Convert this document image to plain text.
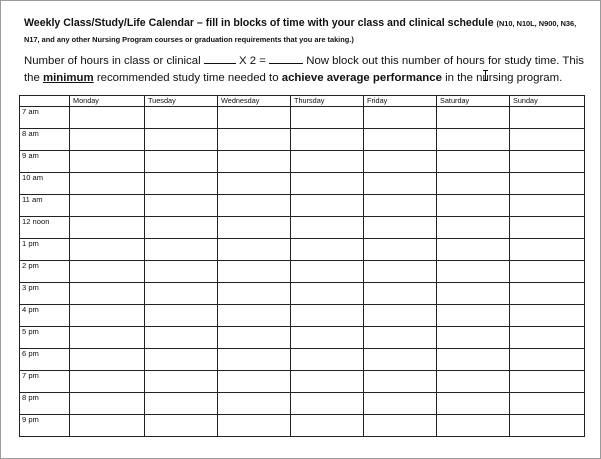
Weekly Class/Study/Life Calendar – fill in blocks of time with your class and clinical schedule (N10, N10L, N900, N36, N17, and any other Nursing Program courses or graduation requirements that you are taking.)
Number of hours in class or clinical	X 2 =	Now block out this number of hours for study time. This the minimum recommended study time needed to achieve average performance in the nursing program.
	Monday	Tuesday	Wednesday	Thursday	Friday	Saturday	Sunday
7 am							
8 am							
9 am							
10 am							
11 am							
12 noon							
1 pm							
2 pm							
3 pm							
4 pm							
5 pm							
6 pm							
7 pm							
8 pm							
9 pm							
